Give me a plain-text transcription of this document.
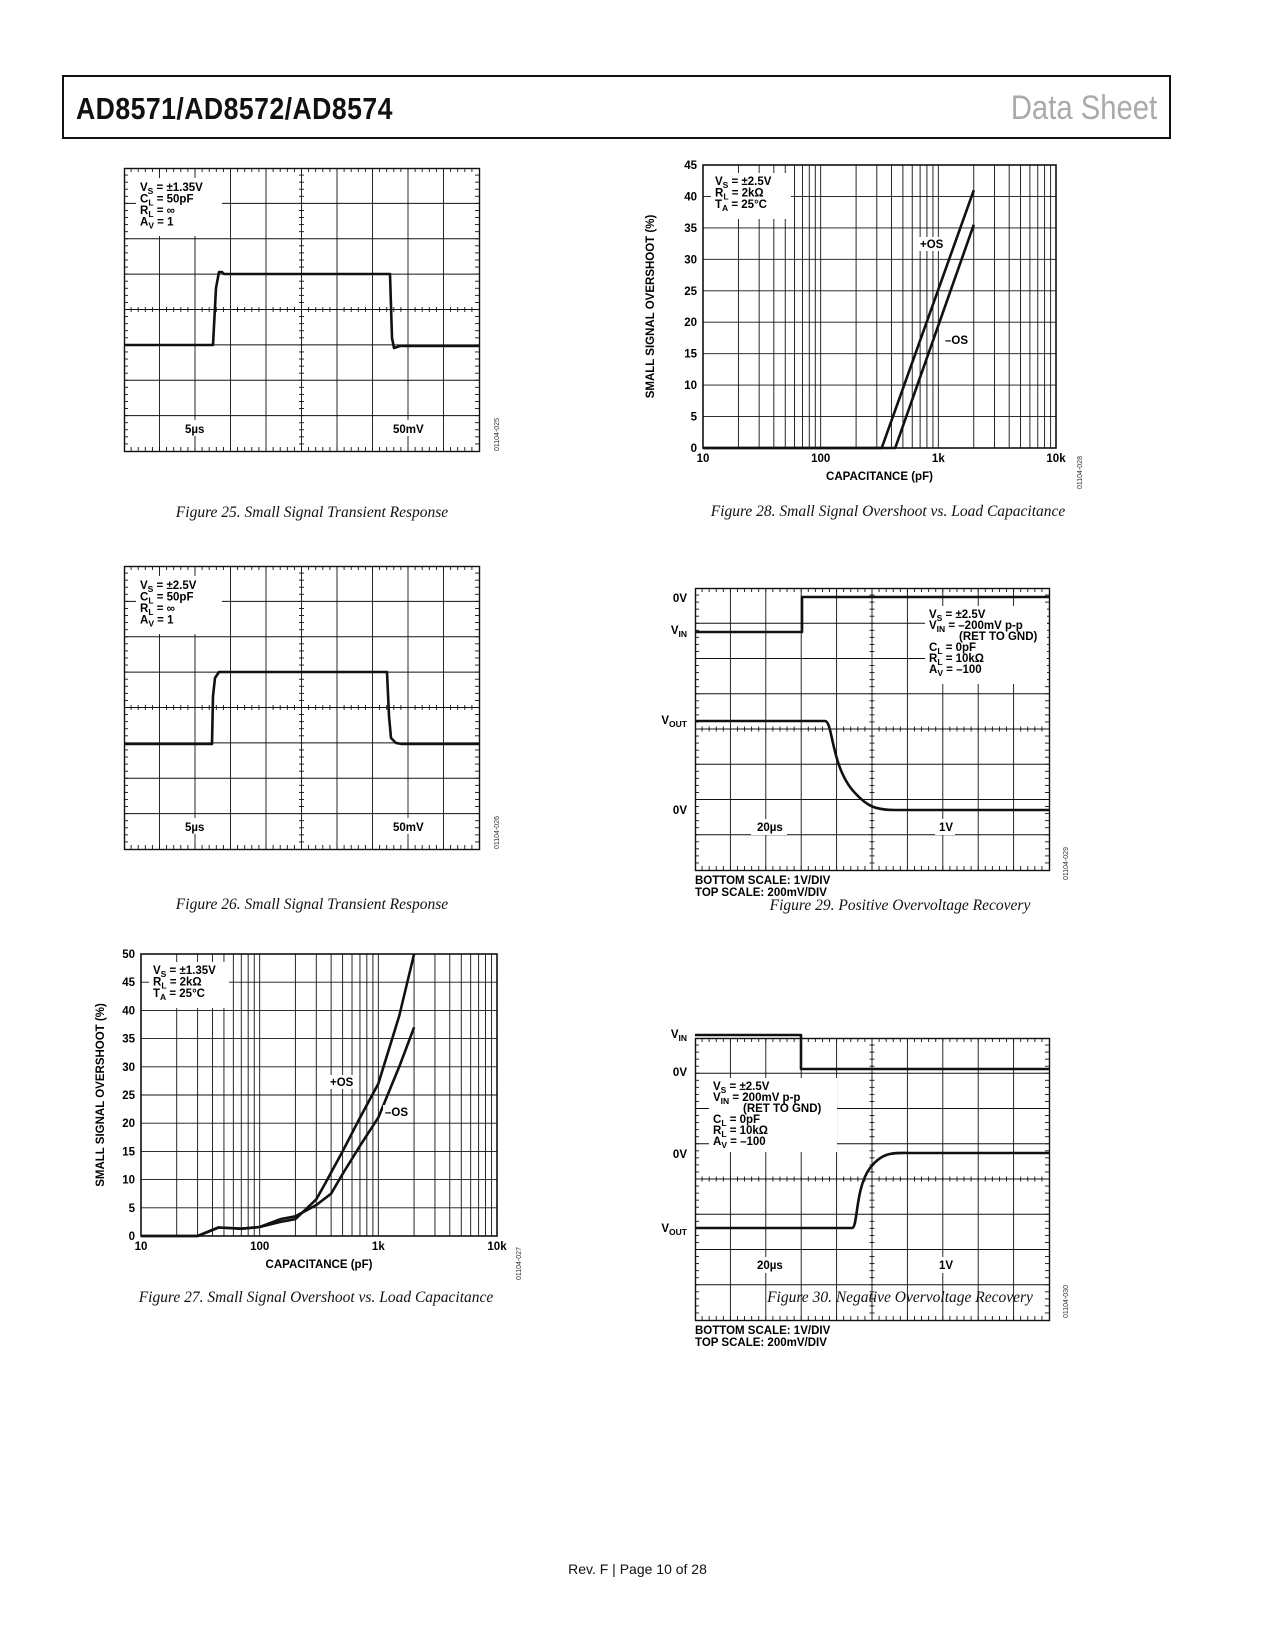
AD8571/AD8572/AD8574	Data Sheet
$V_S = \pm 1.35V$
$C_L = 50pF$
$R_L$ = ∞
$A_V = 1$
5µs	50mV	01104-025
Figure 25. Small Signal Transient Response
$V_S = \pm 2.5V$
$C_L = 50pF$
$R_L$ = ∞
$A_V = 1$
5µs	50mV	01104-026
Figure 26. Small Signal Transient Response
0
5
10
15
20
25
30
35
40
45
50
10	100	1k	10k
CAPACITANCE (pF)
SMALL SIGNAL OVERSHOOT (%)
$V_S = \pm 1.35V$
$R_L = 2k\Omega$
$T_A = 25^\circ C$
+OS
–OS
01104-027
Figure 27. Small Signal Overshoot vs. Load Capacitance
0
5
10
15
20
25
30
35
40
45
10	100	1k	10k
CAPACITANCE (pF)
SMALL SIGNAL OVERSHOOT (%)
$V_S = \pm 2.5V$
$R_L = 2k\Omega$
$T_A = 25^\circ C$
+OS
–OS
01104-028
Figure 28. Small Signal Overshoot vs. Load Capacitance
$V_S = \pm 2.5V$
$V_{IN} = -200mV$ p-p
(RET TO GND)
$C_L = 0pF$
$R_L = 10k\Omega$
$A_V = -100$
20µs	1V
0V
$V_{IN}$
$V_{OUT}$
0V
BOTTOM SCALE: 1V/DIV
TOP SCALE: 200mV/DIV
01104-029
Figure 29. Positive Overvoltage Recovery
$V_S = \pm 2.5V$
$V_{IN} = 200mV$ p-p
(RET TO GND)
$C_L = 0pF$
$R_L = 10k\Omega$
$A_V = -100$
20µs	1V
$V_{IN}$
0V
0V
$V_{OUT}$
BOTTOM SCALE: 1V/DIV
TOP SCALE: 200mV/DIV
01104-030
Figure 30. Negative Overvoltage Recovery
Rev. F | Page 10 of 28
